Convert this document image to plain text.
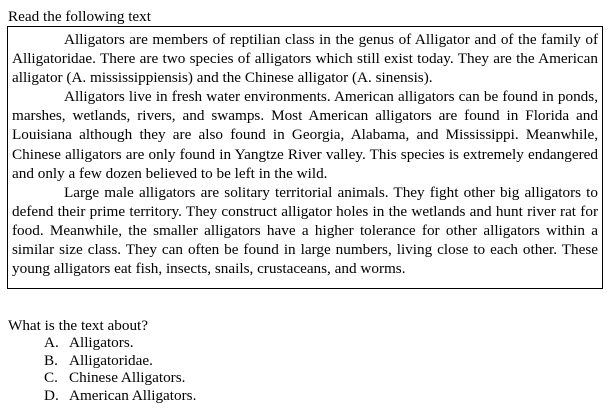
Read the following text

Alligators are members of reptilian class in the genus of Alligator and of the family of Alligatoridae. There are two species of alligators which still exist today. They are the American alligator (A. mississippiensis) and the Chinese alligator (A. sinensis).

Alligators live in fresh water environments. American alligators can be found in ponds, marshes, wetlands, rivers, and swamps. Most American alligators are found in Florida and Louisiana although they are also found in Georgia, Alabama, and Mississippi. Meanwhile, Chinese alligators are only found in Yangtze River valley. This species is extremely endangered and only a few dozen believed to be left in the wild.

Large male alligators are solitary territorial animals. They fight other big alligators to defend their prime territory. They construct alligator holes in the wetlands and hunt river rat for food. Meanwhile, the smaller alligators have a higher tolerance for other alligators within a similar size class. They can often be found in large numbers, living close to each other. These young alligators eat fish, insects, snails, crustaceans, and worms.

What is the text about?
A. Alligators.
B. Alligatoridae.
C. Chinese Alligators.
D. American Alligators.
